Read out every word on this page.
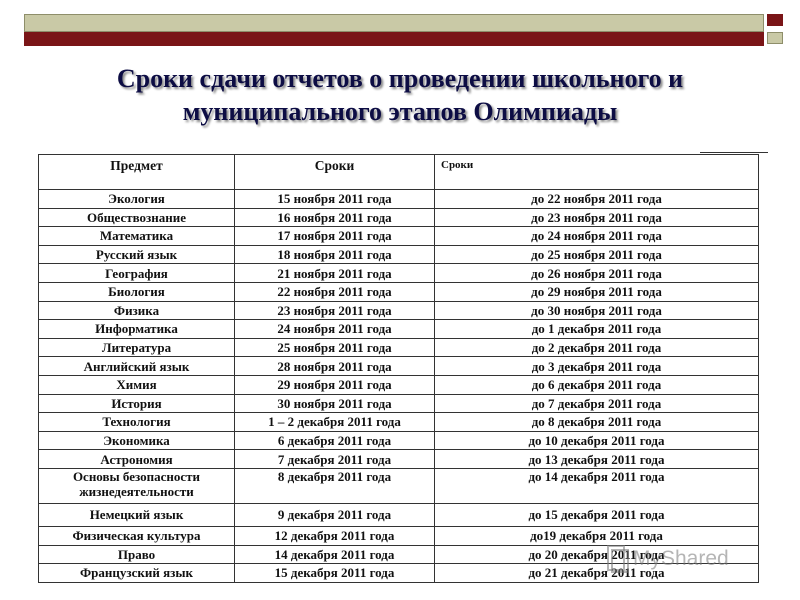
Сроки сдачи отчетов о проведении школьного и муниципального этапов Олимпиады
Предмет	Сроки	Сроки
Экология	15 ноября 2011 года	до 22 ноября 2011 года
Обществознание	16 ноября 2011 года	до 23 ноября 2011 года
Математика	17 ноября 2011 года	до 24 ноября 2011 года
Русский язык	18 ноября 2011 года	до 25 ноября 2011 года
География	21 ноября 2011 года	до 26 ноября 2011 года
Биология	22 ноября 2011 года	до 29 ноября 2011 года
Физика	23 ноября 2011 года	до 30 ноября 2011 года
Информатика	24 ноября 2011 года	до 1 декабря 2011 года
Литература	25 ноября 2011 года	до 2 декабря 2011 года
Английский язык	28 ноября 2011 года	до 3 декабря 2011 года
Химия	29 ноября 2011 года	до 6 декабря 2011 года
История	30 ноября 2011 года	до 7 декабря 2011 года
Технология	1 – 2 декабря 2011 года	до 8 декабря 2011 года
Экономика	6 декабря 2011 года	до 10 декабря 2011 года
Астрономия	7 декабря 2011 года	до 13 декабря 2011 года
Основы безопасности жизнедеятельности	8 декабря 2011 года	до 14 декабря 2011 года
Немецкий язык	9 декабря 2011 года	до 15 декабря 2011 года
Физическая культура	12 декабря 2011 года	до19 декабря 2011 года
Право	14 декабря 2011 года	до 20 декабря 2011 года
Французский язык	15 декабря 2011 года	до 21 декабря 2011 года
MyShared
